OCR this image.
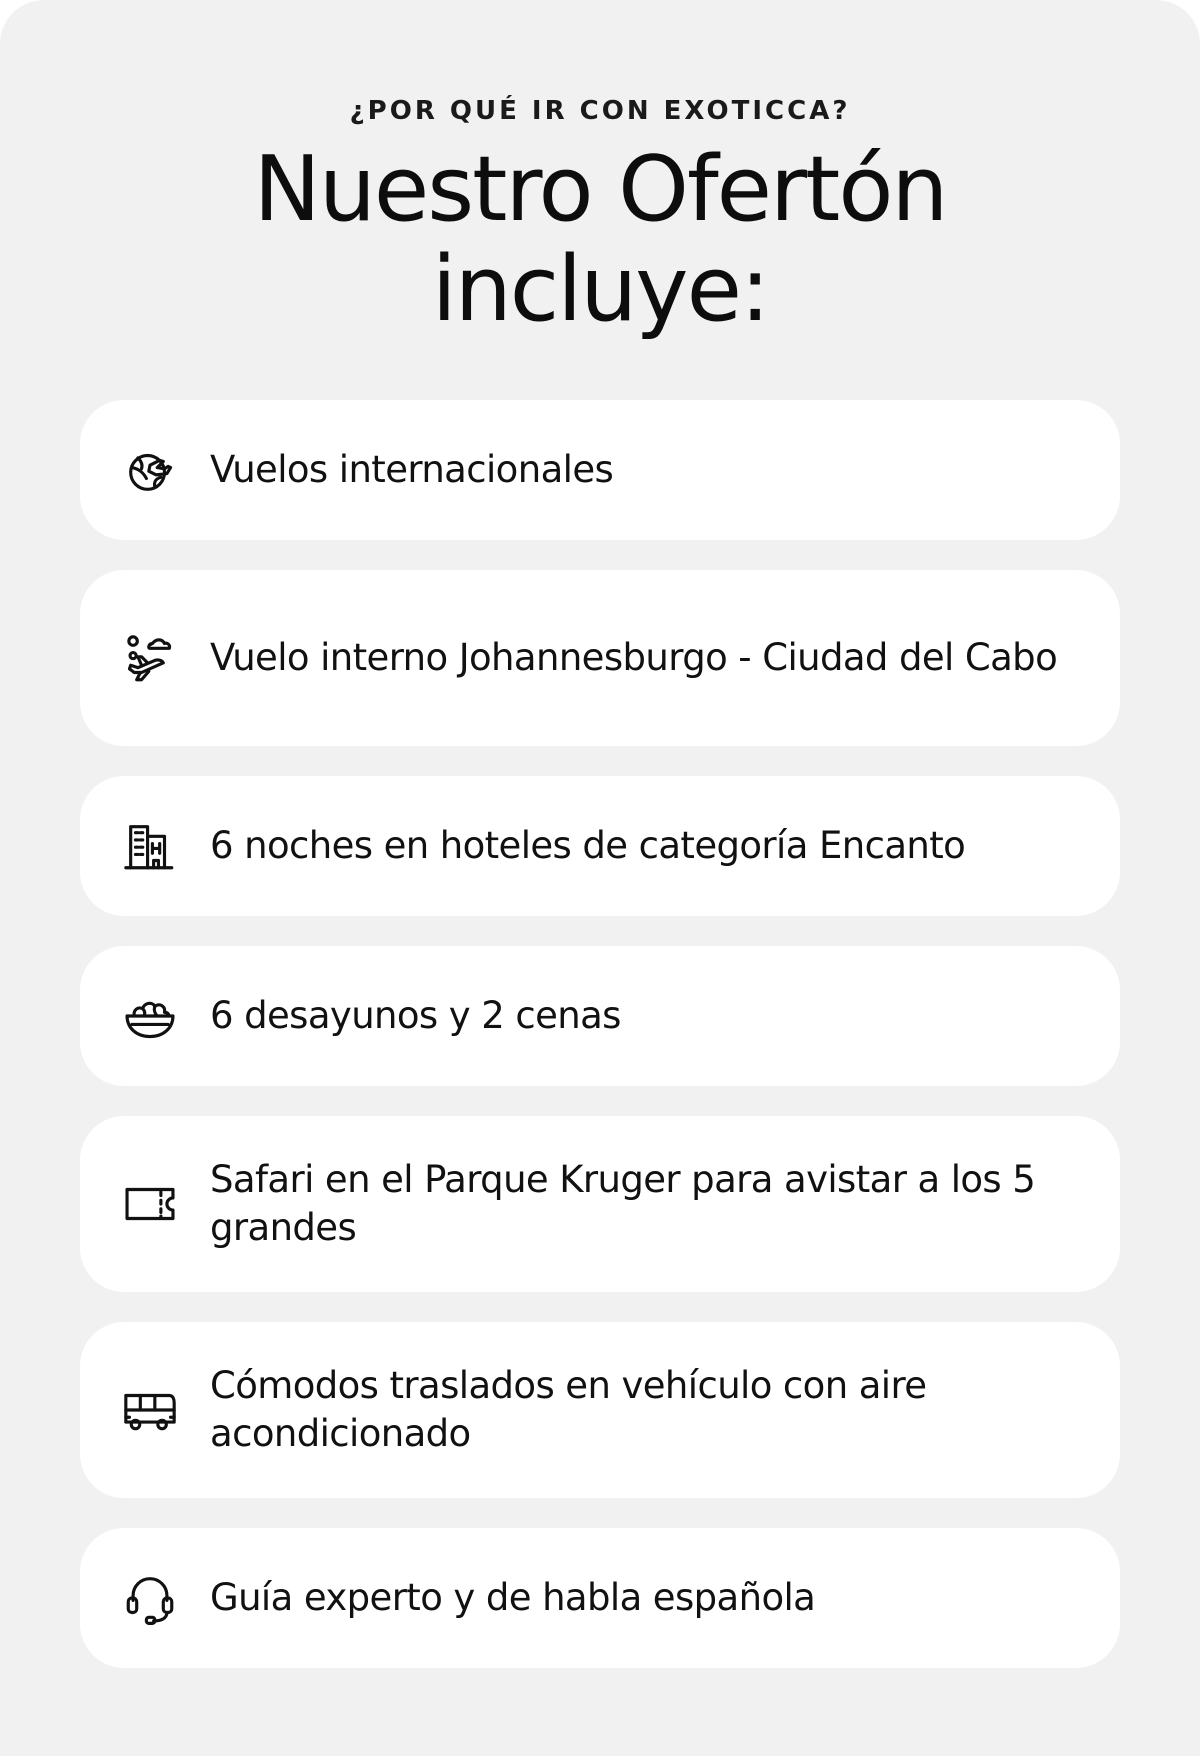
¿POR QUÉ IR CON EXOTICCA?

Nuestro Ofertón
incluye:
Vuelos internacionales
Vuelo interno Johannesburgo - Ciudad del Cabo
6 noches en hoteles de categoría Encanto
6 desayunos y 2 cenas
Safari en el Parque Kruger para avistar a los 5 grandes
Cómodos traslados en vehículo con aire acondicionado
Guía experto y de habla española
